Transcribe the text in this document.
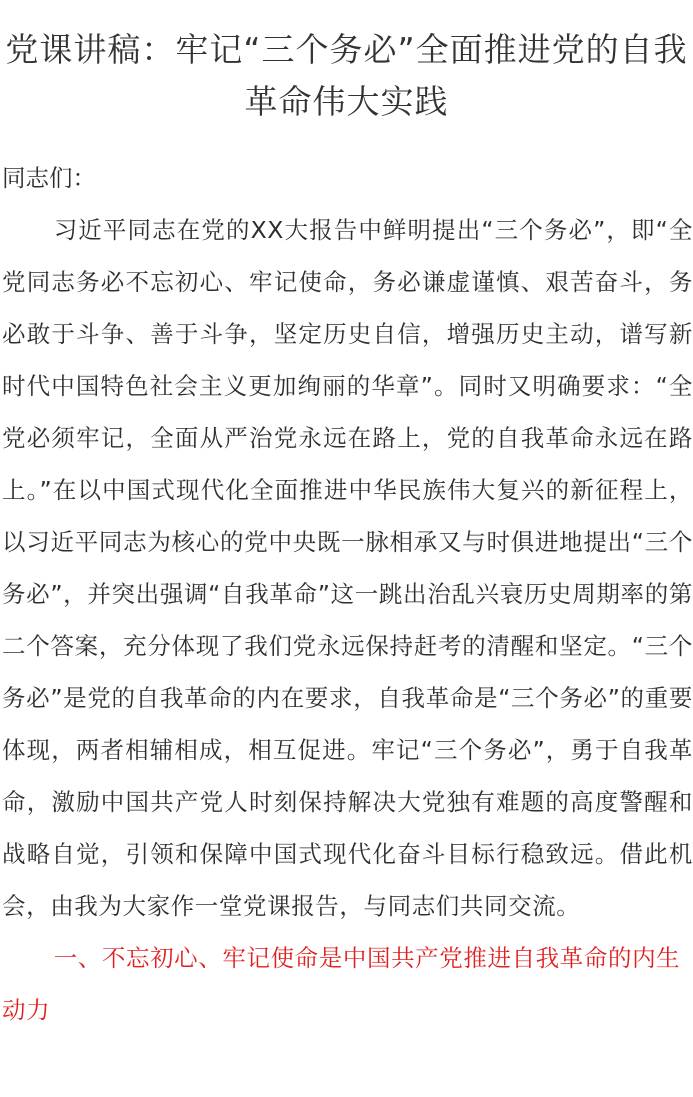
党课讲稿：牢记“三个务必”全面推进党的自我革命伟大实践

同志们：

习近平同志在党的XX大报告中鲜明提出“三个务必”，即“全党同志务必不忘初心、牢记使命，务必谦虚谨慎、艰苦奋斗，务必敢于斗争、善于斗争，坚定历史自信，增强历史主动，谱写新时代中国特色社会主义更加绚丽的华章”。同时又明确要求：“全党必须牢记，全面从严治党永远在路上，党的自我革命永远在路上。”在以中国式现代化全面推进中华民族伟大复兴的新征程上，以习近平同志为核心的党中央既一脉相承又与时俱进地提出“三个务必”，并突出强调“自我革命”这一跳出治乱兴衰历史周期率的第二个答案，充分体现了我们党永远保持赶考的清醒和坚定。“三个务必”是党的自我革命的内在要求，自我革命是“三个务必”的重要体现，两者相辅相成，相互促进。牢记“三个务必”，勇于自我革命，激励中国共产党人时刻保持解决大党独有难题的高度警醒和战略自觉，引领和保障中国式现代化奋斗目标行稳致远。借此机会，由我为大家作一堂党课报告，与同志们共同交流。

一、不忘初心、牢记使命是中国共产党推进自我革命的内生动力
